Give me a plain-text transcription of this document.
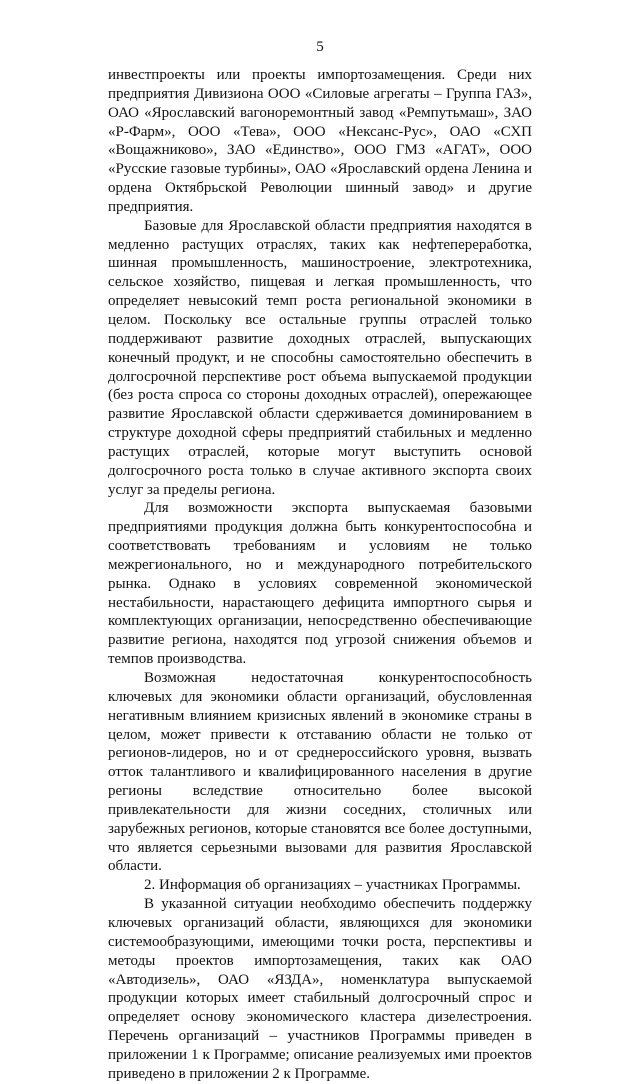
5

инвестпроекты или проекты импортозамещения. Среди них предприятия Дивизиона ООО «Силовые агрегаты – Группа ГАЗ», ОАО «Ярославский вагоноремонтный завод «Ремпутьмаш», ЗАО «Р-Фарм», ООО «Тева», ООО «Нексанс-Рус», ОАО «СХП «Вощажниково», ЗАО «Единство», ООО ГМЗ «АГАТ», ООО «Русские газовые турбины», ОАО «Ярославский ордена Ленина и ордена Октябрьской Революции шинный завод» и другие предприятия.

Базовые для Ярославской области предприятия находятся в медленно растущих отраслях, таких как нефтепереработка, шинная промышленность, машиностроение, электротехника, сельское хозяйство, пищевая и легкая промышленность, что определяет невысокий темп роста региональной экономики в целом. Поскольку все остальные группы отраслей только поддерживают развитие доходных отраслей, выпускающих конечный продукт, и не способны самостоятельно обеспечить в долгосрочной перспективе рост объема выпускаемой продукции (без роста спроса со стороны доходных отраслей), опережающее развитие Ярославской области сдерживается доминированием в структуре доходной сферы предприятий стабильных и медленно растущих отраслей, которые могут выступить основой долгосрочного роста только в случае активного экспорта своих услуг за пределы региона.

Для возможности экспорта выпускаемая базовыми предприятиями продукция должна быть конкурентоспособна и соответствовать требованиям и условиям не только межрегионального, но и международного потребительского рынка. Однако в условиях современной экономической нестабильности, нарастающего дефицита импортного сырья и комплектующих организации, непосредственно обеспечивающие развитие региона, находятся под угрозой снижения объемов и темпов производства.

Возможная недостаточная конкурентоспособность ключевых для экономики области организаций, обусловленная негативным влиянием кризисных явлений в экономике страны в целом, может привести к отставанию области не только от регионов-лидеров, но и от среднероссийского уровня, вызвать отток талантливого и квалифицированного населения в другие регионы вследствие относительно более высокой привлекательности для жизни соседних, столичных или зарубежных регионов, которые становятся все более доступными, что является серьезными вызовами для развития Ярославской области.

2. Информация об организациях – участниках Программы.

В указанной ситуации необходимо обеспечить поддержку ключевых организаций области, являющихся для экономики системообразующими, имеющими точки роста, перспективы и методы проектов импортозамещения, таких как ОАО «Автодизель», ОАО «ЯЗДА», номенклатура выпускаемой продукции которых имеет стабильный долгосрочный спрос и определяет основу экономического кластера дизелестроения. Перечень организаций – участников Программы приведен в приложении 1 к Программе; описание реализуемых ими проектов приведено в приложении 2 к Программе.
